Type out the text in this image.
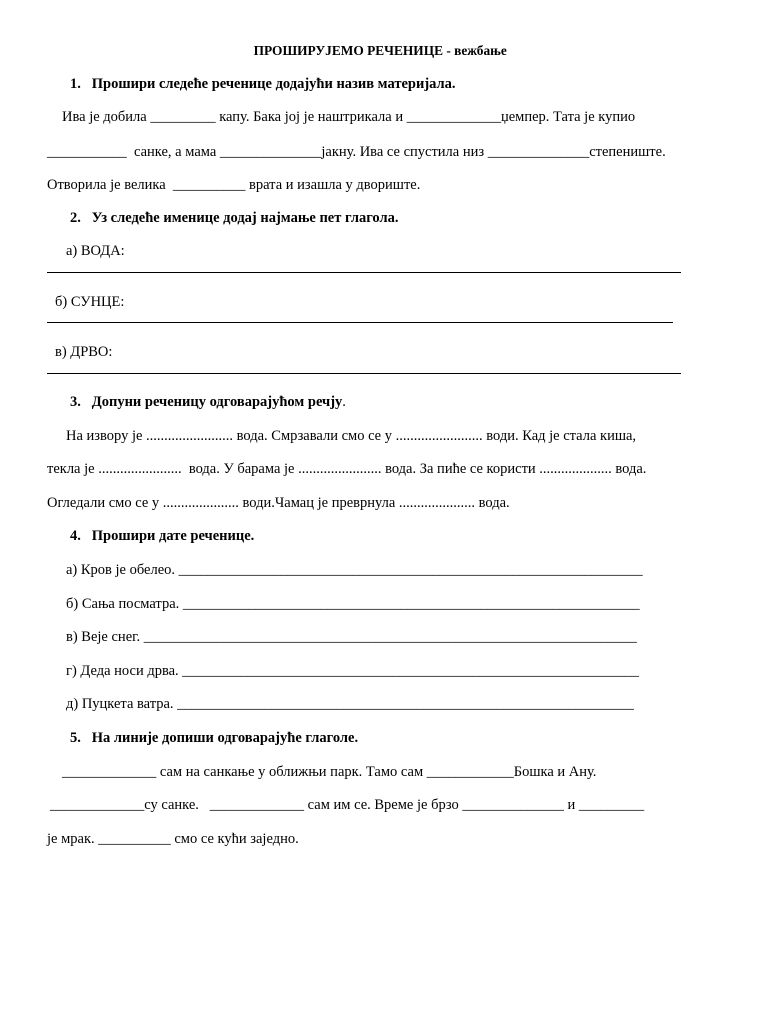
ПРОШИРУЈЕМО РЕЧЕНИЦЕ - вежбање
1.   Прошири следеће реченице додајући назив материјала.
Ива је добила _________ капу. Бака јој је наштрикала и _____________џемпер. Тата је купио
___________  санке, а мама ______________јакну. Ива се спустила низ ______________степениште.
Отворила је велика  __________ врата и изашла у двориште.
2.   Уз следеће именице додај најмање пет глагола.
а) ВОДА:
б) СУНЦЕ:
в) ДРВО:
3.   Допуни реченицу одговарајућом речју.
На извору је ........................ вода. Смрзавали смо се у ........................ води. Кад је стала киша,
текла је .......................  вода. У барама је ....................... вода. За пиће се користи .................... вода.
Огледали смо се у ..................... води.Чамац је преврнула ..................... вода.
4.   Прошири дате реченице.
а) Кров је обелео. ________________________________________________________________
б) Сања посматра. _______________________________________________________________
в) Веје снег. ____________________________________________________________________
г) Деда носи дрва. _______________________________________________________________
д) Пуцкета ватра. _______________________________________________________________
5.   На линије допиши одговарајуће глаголе.
_____________ сам на санкање у оближњи парк. Тамо сам ____________Бошка и Ану.
_____________су санке.   _____________ сам им се. Време је брзо ______________ и _________
је мрак. __________ смо се кући заједно.
